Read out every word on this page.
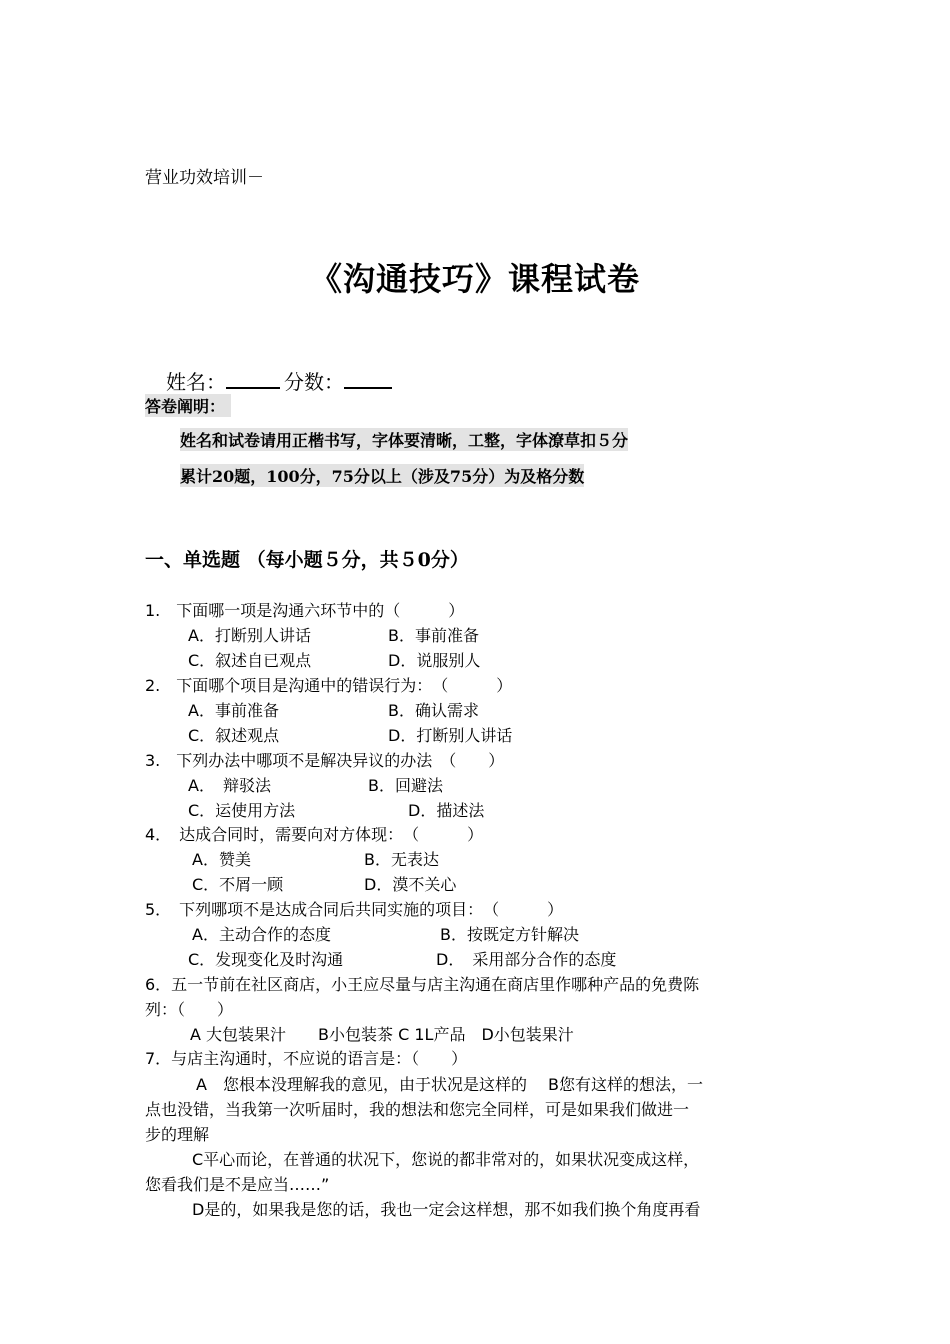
营业功效培训－
《沟通技巧》课程试卷
姓名：	分数：
答卷阐明：
姓名和试卷请用正楷书写，字体要清晰，工整，字体潦草扣５分
累计20题，100分，75分以上（涉及75分）为及格分数
一、单选题 （每小题５分，共５0分）
1.　下面哪一项是沟通六环节中的（　　　）
A．打断别人讲话	B．事前准备
C．叙述自已观点	D．说服别人
2.　下面哪个项目是沟通中的错误行为：　（　　　）
A．事前准备	B．确认需求
C．叙述观点	D．打断别人讲话
3.　下列办法中哪项不是解决异议的办法　（　　）
A．　辩驳法	B．回避法
C．运使用方法	D．描述法
4．　达成合同时，需要向对方体现：　（　　　）
A．赞美	B．无表达
C．不屑一顾	D．漠不关心
5．　下列哪项不是达成合同后共同实施的项目：　（　　　）
A．主动合作的态度	B．按既定方针解决
C．发现变化及时沟通	D．　采用部分合作的态度
6．五一节前在社区商店，小王应尽量与店主沟通在商店里作哪种产品的免费陈
列：（　　）
A 大包装果汁　　B小包装茶 C 1L产品　D小包装果汁
7．与店主沟通时，不应说的语言是：（　　）
A　您根本没理解我的意见，由于状况是这样的　 B您有这样的想法，一
点也没错，当我第一次听届时，我的想法和您完全同样，可是如果我们做进一
步的理解
C平心而论，在普通的状况下，您说的都非常对的，如果状况变成这样，
您看我们是不是应当……”
D是的，如果我是您的话，我也一定会这样想，那不如我们换个角度再看
